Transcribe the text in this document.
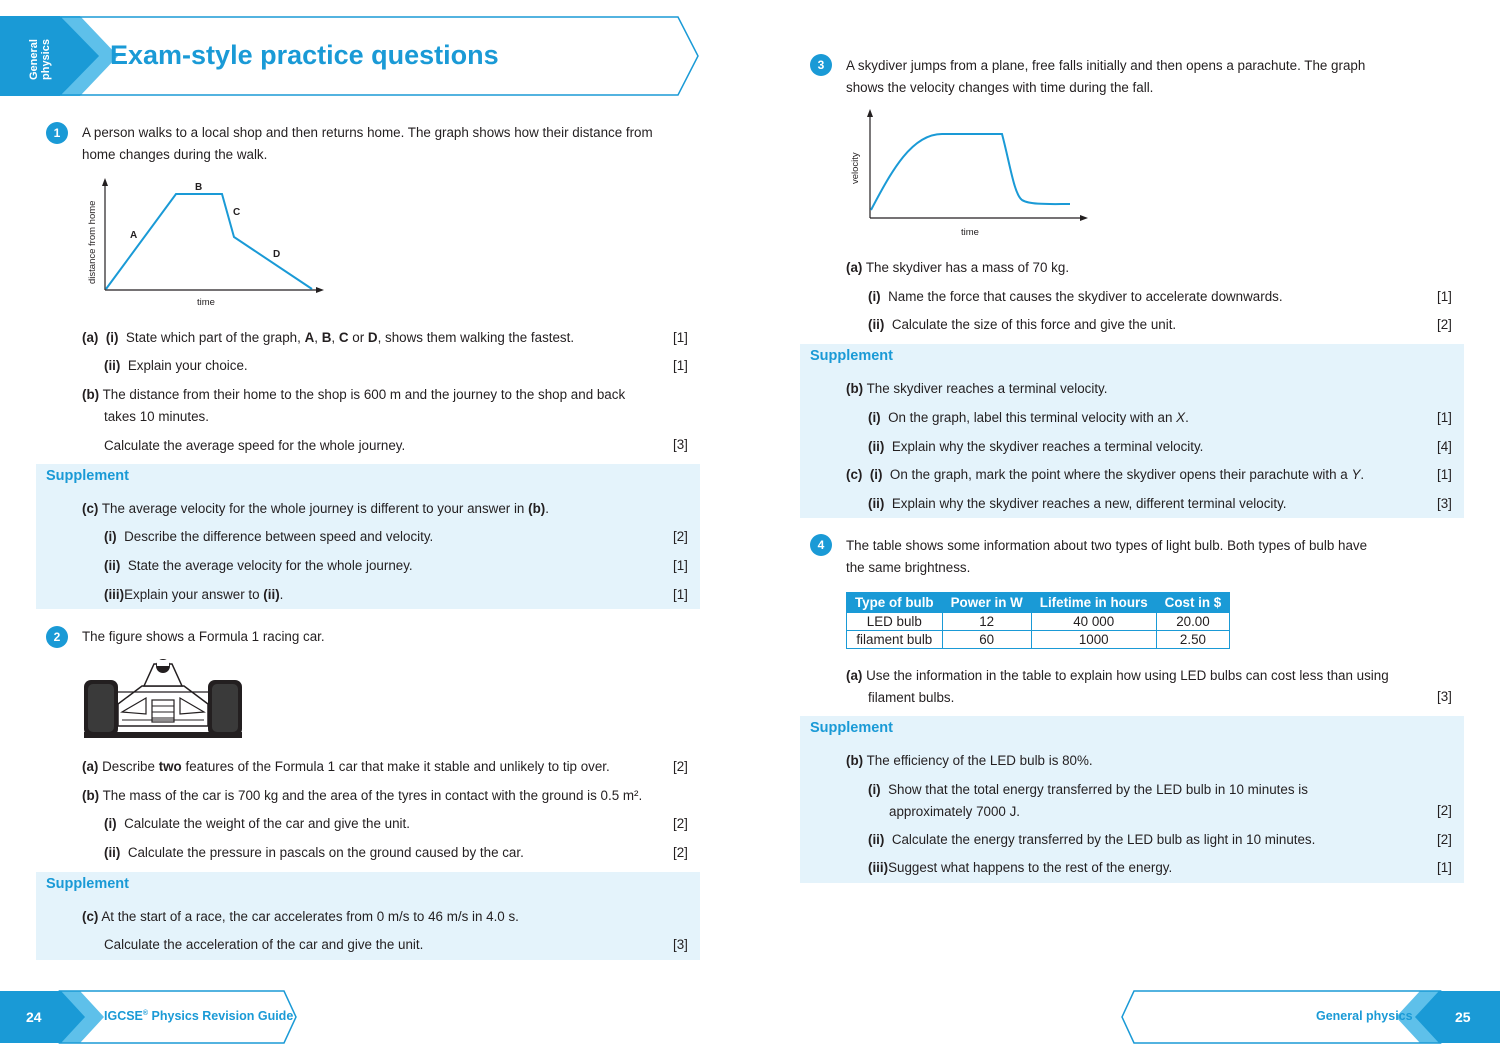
General physics Exam-style practice questions
1	A person walks to a local shop and then returns home. The graph shows how their distance from
home changes during the walk.
distance from home
time
A
B
C
D
(a) (i) State which part of the graph, A, B, C or D, shows them walking the fastest.	[1]
(ii) Explain your choice.	[1]
(b) The distance from their home to the shop is 600 m and the journey to the shop and back
takes 10 minutes.
Calculate the average speed for the whole journey.	[3]
Supplement
(c) The average velocity for the whole journey is different to your answer in (b).
(i) Describe the difference between speed and velocity.	[2]
(ii) State the average velocity for the whole journey.	[1]
(iii)Explain your answer to (ii).	[1]
2	The figure shows a Formula 1 racing car.
(a) Describe two features of the Formula 1 car that make it stable and unlikely to tip over.	[2]
(b) The mass of the car is 700 kg and the area of the tyres in contact with the ground is 0.5 m².
(i) Calculate the weight of the car and give the unit.	[2]
(ii) Calculate the pressure in pascals on the ground caused by the car.	[2]
Supplement
(c) At the start of a race, the car accelerates from 0 m/s to 46 m/s in 4.0 s.
Calculate the acceleration of the car and give the unit.	[3]
3	A skydiver jumps from a plane, free falls initially and then opens a parachute. The graph
shows the velocity changes with time during the fall.
velocity
time
(a) The skydiver has a mass of 70 kg.
(i) Name the force that causes the skydiver to accelerate downwards.	[1]
(ii) Calculate the size of this force and give the unit.	[2]
Supplement
(b) The skydiver reaches a terminal velocity.
(i) On the graph, label this terminal velocity with an X.	[1]
(ii) Explain why the skydiver reaches a terminal velocity.	[4]
(c) (i) On the graph, mark the point where the skydiver opens their parachute with a Y.	[1]
(ii) Explain why the skydiver reaches a new, different terminal velocity.	[3]
4	The table shows some information about two types of light bulb. Both types of bulb have
the same brightness.
Type of bulb	Power in W	Lifetime in hours	Cost in $
LED bulb	12	40 000	20.00
filament bulb	60	1000	2.50
(a) Use the information in the table to explain how using LED bulbs can cost less than using
filament bulbs.	[3]
Supplement
(b) The efficiency of the LED bulb is 80%.
(i) Show that the total energy transferred by the LED bulb in 10 minutes is
approximately 7000 J.	[2]
(ii) Calculate the energy transferred by the LED bulb as light in 10 minutes.	[2]
(iii)Suggest what happens to the rest of the energy.	[1]
24	IGCSE® Physics Revision Guide	General physics	25
